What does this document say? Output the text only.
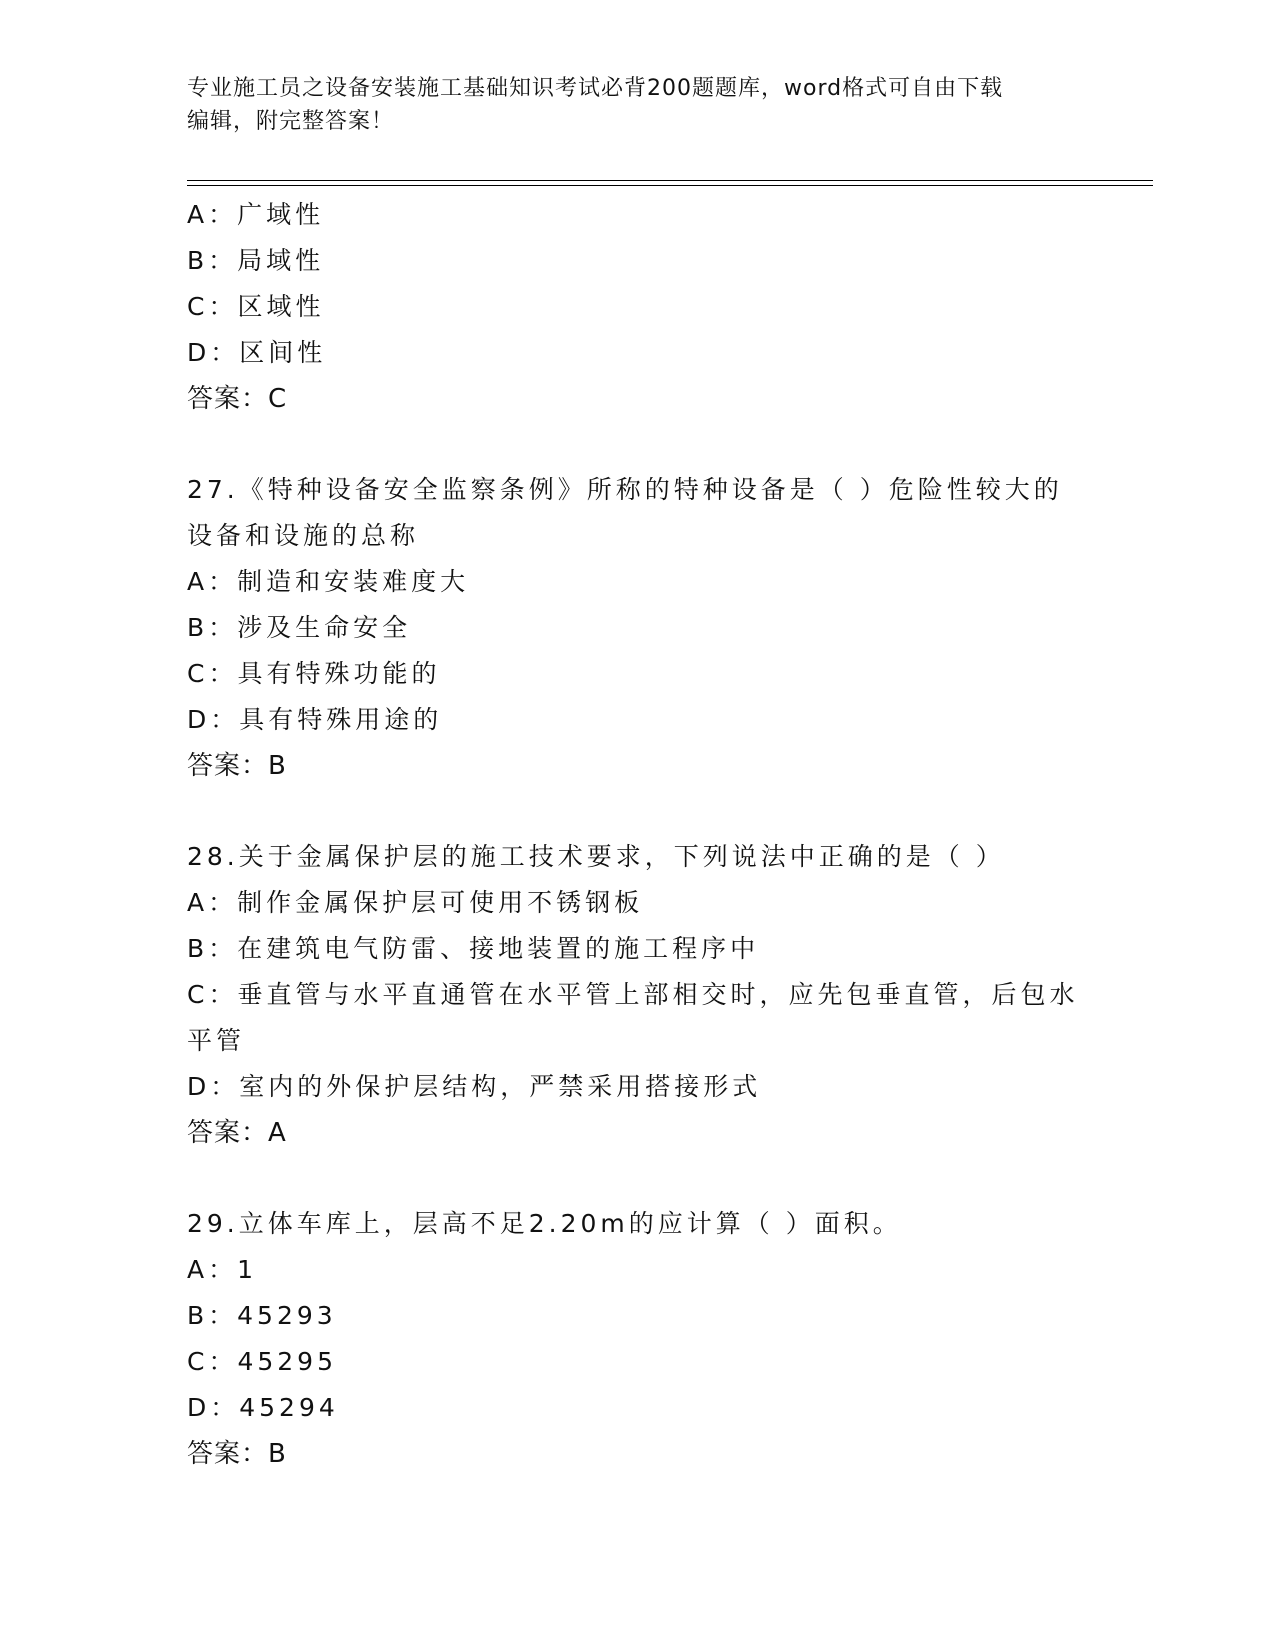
专业施工员之设备安装施工基础知识考试必背200题题库，word格式可自由下载
编辑，附完整答案！
A：广域性
B：局域性
C：区域性
D：区间性
答案：C
27.《特种设备安全监察条例》所称的特种设备是（ ）危险性较大的
设备和设施的总称
A：制造和安装难度大
B：涉及生命安全
C：具有特殊功能的
D：具有特殊用途的
答案：B
28.关于金属保护层的施工技术要求，下列说法中正确的是（ ）
A：制作金属保护层可使用不锈钢板
B：在建筑电气防雷、接地装置的施工程序中
C：垂直管与水平直通管在水平管上部相交时，应先包垂直管，后包水
平管
D：室内的外保护层结构，严禁采用搭接形式
答案：A
29.立体车库上，层高不足2.20m的应计算（ ）面积。
A：1
B：45293
C：45295
D：45294
答案：B
